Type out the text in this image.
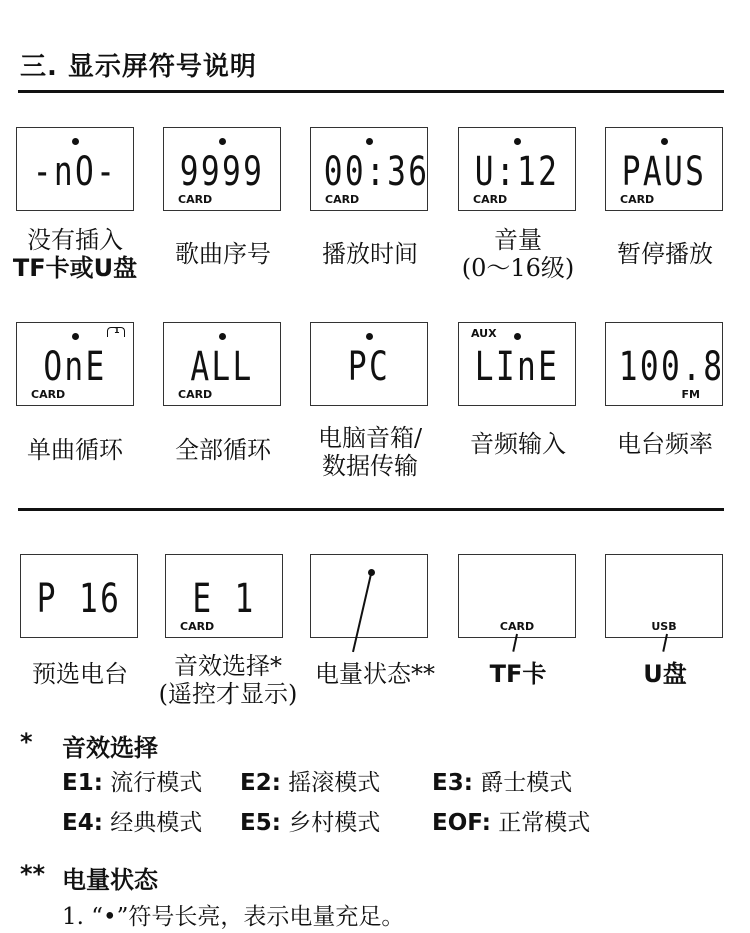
三. 显示屏符号说明
-nO- 9999
CARD
00:36
CARD
U:12
CARD
PAUS
CARD
没有插入
TF卡或U盘	歌曲序号	播放时间	音量
(0～16级)	暂停播放
1
OnE
CARD
ALL
CARD
PC
AUX
LInE 100.8
FM
单曲循环	全部循环	电脑音箱/
数据传输
音频输入	电台频率
P 16	E 1
CARD	CARD	USB
预选电台	音效选择*
(遥控才显示)
电量状态**	TF卡	U盘
* 音效选择
E1: 流行模式 E2: 摇滚模式 E3: 爵士模式
E4: 经典模式 E5: 乡村模式 EOF: 正常模式
** 电量状态
1. “•”符号长亮，表示电量充足。
